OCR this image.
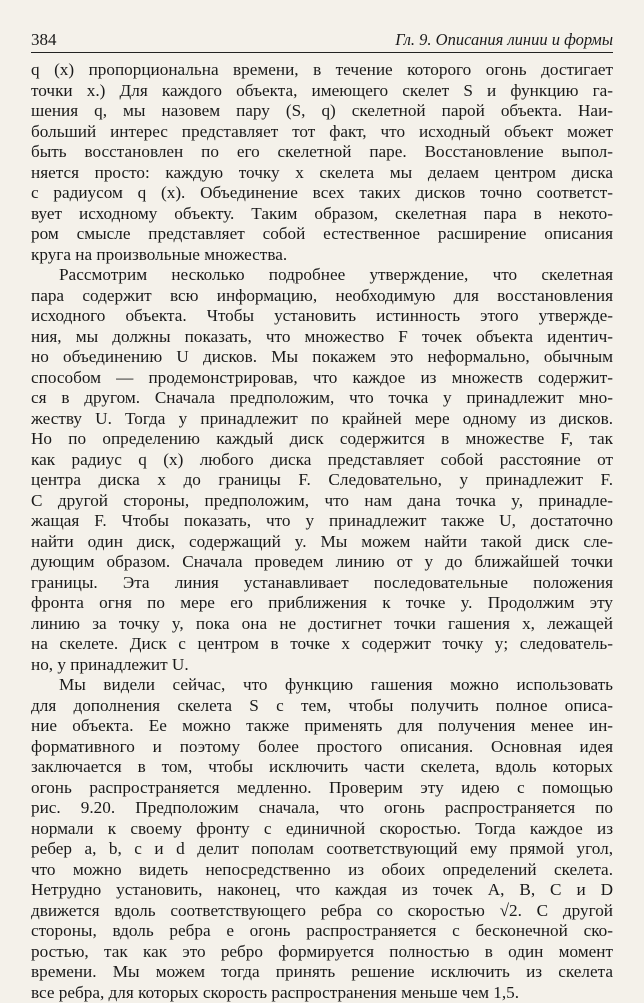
384	Гл. 9. Описания линии и формы
q (x) пропорциональна времени, в течение которого огонь достигает
точки x.) Для каждого объекта, имеющего скелет S и функцию га-
шения q, мы назовем пару (S, q) скелетной парой объекта. Наи-
больший интерес представляет тот факт, что исходный объект может
быть восстановлен по его скелетной паре. Восстановление выпол-
няется просто: каждую точку x скелета мы делаем центром диска
с радиусом q (x). Объединение всех таких дисков точно соответст-
вует исходному объекту. Таким образом, скелетная пара в некото-
ром смысле представляет собой естественное расширение описания
круга на произвольные множества.
Рассмотрим несколько подробнее утверждение, что скелетная
пара содержит всю информацию, необходимую для восстановления
исходного объекта. Чтобы установить истинность этого утвержде-
ния, мы должны показать, что множество F точек объекта идентич-
но объединению U дисков. Мы покажем это неформально, обычным
способом — продемонстрировав, что каждое из множеств содержит-
ся в другом. Сначала предположим, что точка y принадлежит мно-
жеству U. Тогда y принадлежит по крайней мере одному из дисков.
Но по определению каждый диск содержится в множестве F, так
как радиус q (x) любого диска представляет собой расстояние от
центра диска x до границы F. Следовательно, y принадлежит F.
С другой стороны, предположим, что нам дана точка y, принадле-
жащая F. Чтобы показать, что y принадлежит также U, достаточно
найти один диск, содержащий y. Мы можем найти такой диск сле-
дующим образом. Сначала проведем линию от y до ближайшей точки
границы. Эта линия устанавливает последовательные положения
фронта огня по мере его приближения к точке y. Продолжим эту
линию за точку y, пока она не достигнет точки гашения x, лежащей
на скелете. Диск с центром в точке x содержит точку y; следователь-
но, y принадлежит U.
Мы видели сейчас, что функцию гашения можно использовать
для дополнения скелета S с тем, чтобы получить полное описа-
ние объекта. Ее можно также применять для получения менее ин-
формативного и поэтому более простого описания. Основная идея
заключается в том, чтобы исключить части скелета, вдоль которых
огонь распространяется медленно. Проверим эту идею с помощью
рис. 9.20. Предположим сначала, что огонь распространяется по
нормали к своему фронту с единичной скоростью. Тогда каждое из
ребер a, b, c и d делит пополам соответствующий ему прямой угол,
что можно видеть непосредственно из обоих определений скелета.
Нетрудно установить, наконец, что каждая из точек A, B, C и D
движется вдоль соответствующего ребра со скоростью √2. С другой
стороны, вдоль ребра e огонь распространяется с бесконечной ско-
ростью, так как это ребро формируется полностью в один момент
времени. Мы можем тогда принять решение исключить из скелета
все ребра, для которых скорость распространения меньше чем 1,5.
